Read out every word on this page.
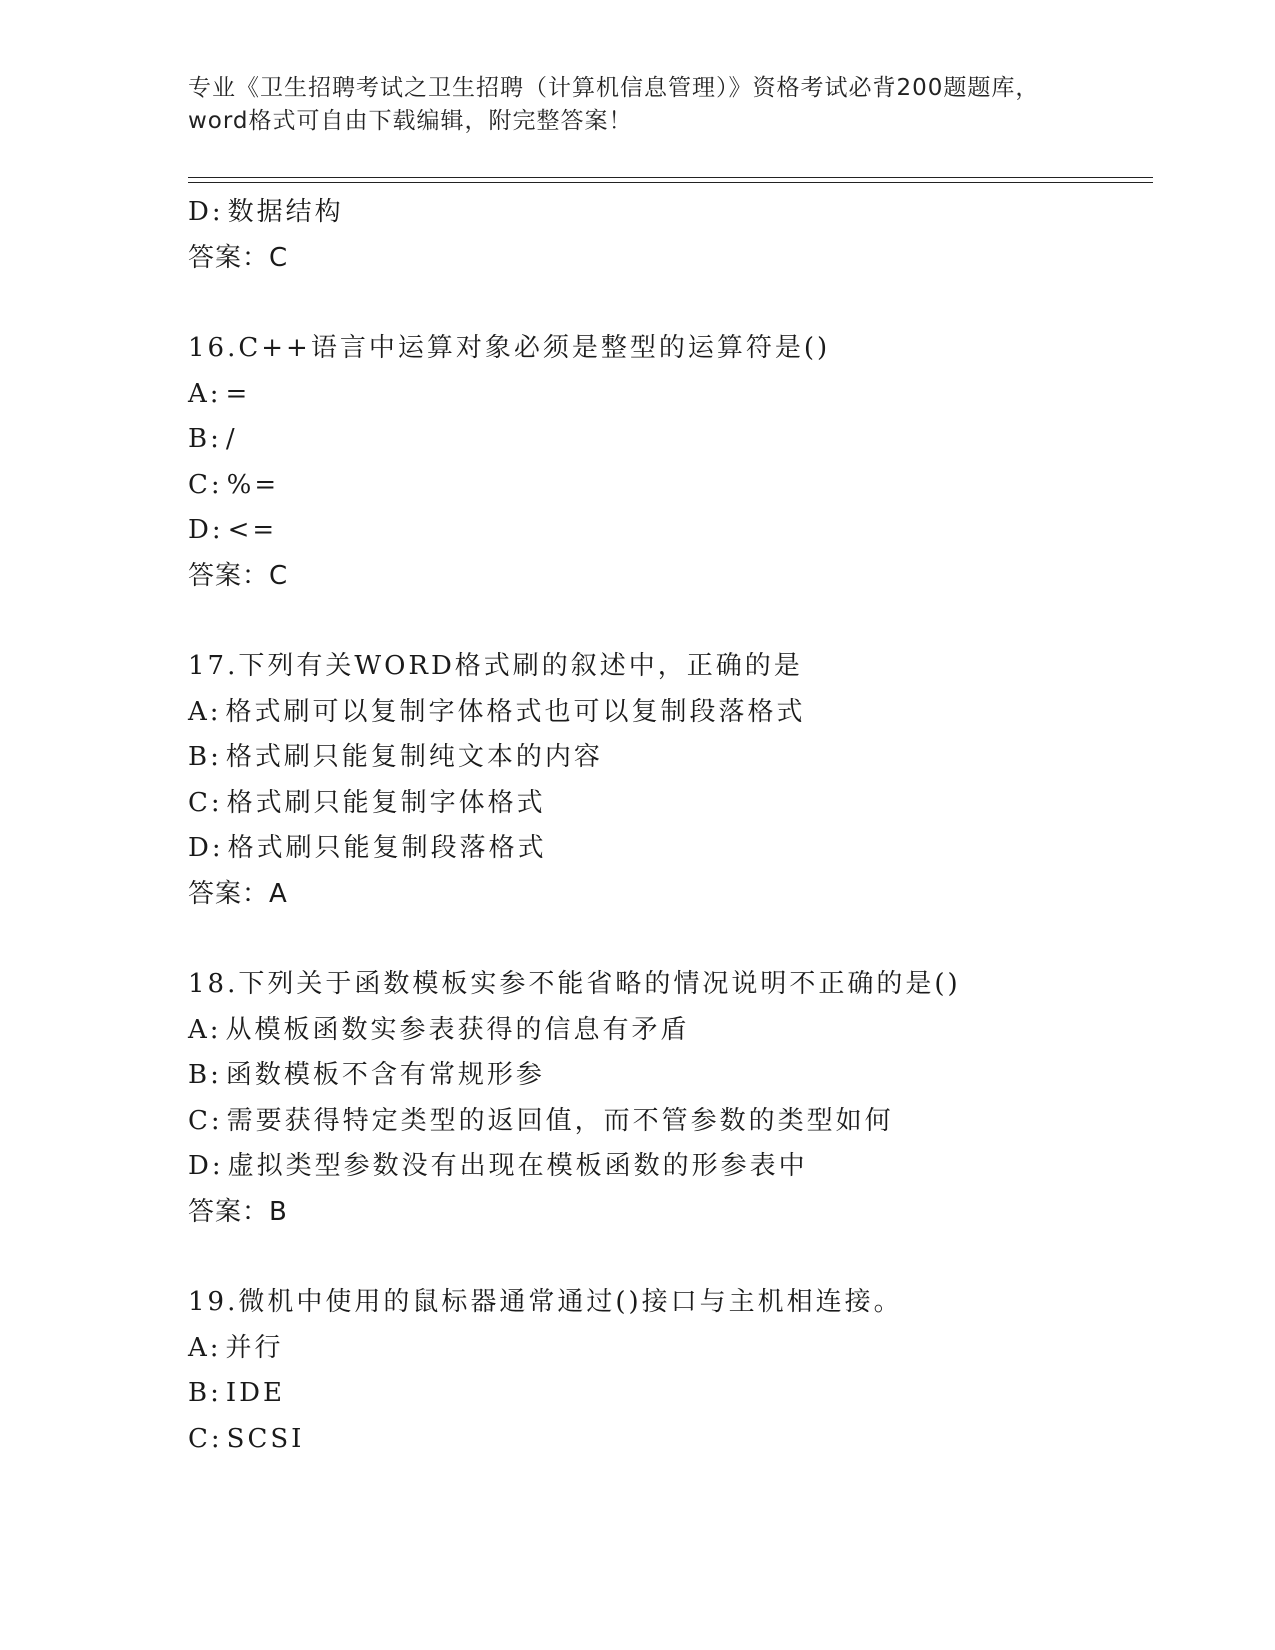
专业《卫生招聘考试之卫生招聘（计算机信息管理）》资格考试必背200题题库，
word格式可自由下载编辑，附完整答案！
D: 数据结构
答案：C
16.C++语言中运算对象必须是整型的运算符是()
A: =
B: /
C: %=
D: <=
答案：C
17.下列有关WORD格式刷的叙述中，正确的是
A: 格式刷可以复制字体格式也可以复制段落格式
B: 格式刷只能复制纯文本的内容
C: 格式刷只能复制字体格式
D: 格式刷只能复制段落格式
答案：A
18.下列关于函数模板实参不能省略的情况说明不正确的是()
A: 从模板函数实参表获得的信息有矛盾
B: 函数模板不含有常规形参
C: 需要获得特定类型的返回值，而不管参数的类型如何
D: 虚拟类型参数没有出现在模板函数的形参表中
答案：B
19.微机中使用的鼠标器通常通过()接口与主机相连接。
A: 并行
B: IDE
C: SCSI
